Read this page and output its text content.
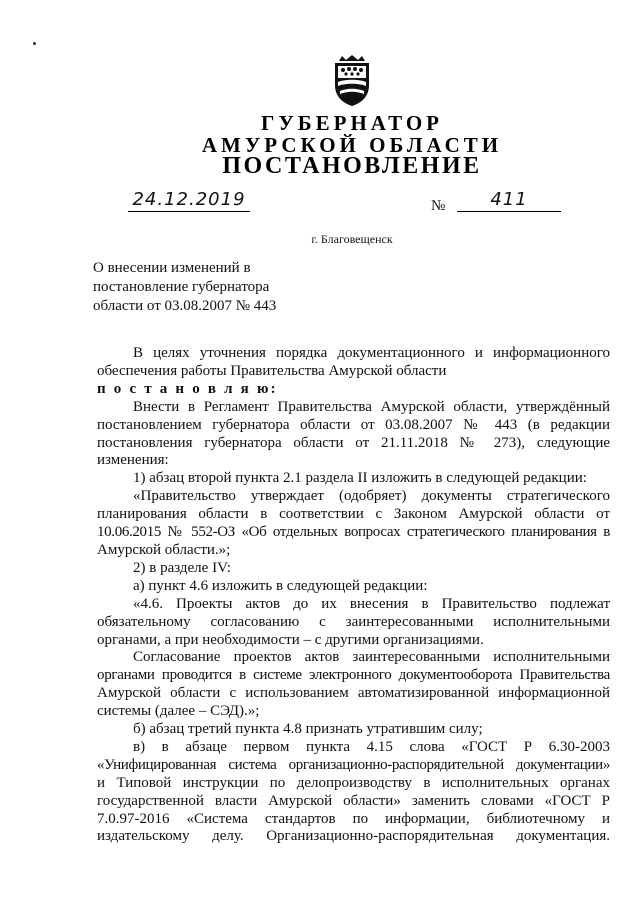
ГУБЕРНАТОР
АМУРСКОЙ ОБЛАСТИ
ПОСТАНОВЛЕНИЕ
24.12.2019	№	411
г. Благовещенск
О внесении изменений в
постановление губернатора
области от 03.08.2007 № 443

В целях уточнения порядка документационного и информационного

обеспечения работы Правительства Амурской области

п о с т а н о в л я ю:

Внести в Регламент Правительства Амурской области, утверждённый

постановлением губернатора области от 03.08.2007 № 443 (в редакции

постановления губернатора области от 21.11.2018 № 273), следующие

изменения:

1) абзац второй пункта 2.1 раздела II изложить в следующей редакции:

«Правительство утверждает (одобряет) документы стратегического

планирования области в соответствии с Законом Амурской области от

10.06.2015 № 552-ОЗ «Об отдельных вопросах стратегического планирования в

Амурской области.»;

2) в разделе IV:

а) пункт 4.6 изложить в следующей редакции:

«4.6. Проекты актов до их внесения в Правительство подлежат

обязательному согласованию с заинтересованными исполнительными

органами, а при необходимости – с другими организациями.

Согласование проектов актов заинтересованными исполнительными

органами проводится в системе электронного документооборота Правительства

Амурской области с использованием автоматизированной информационной

системы (далее – СЭД).»;

б) абзац третий пункта 4.8 признать утратившим силу;

в) в абзаце первом пункта 4.15 слова «ГОСТ Р 6.30-2003

«Унифицированная система организационно-распорядительной документации»

и Типовой инструкции по делопроизводству в исполнительных органах

государственной власти Амурской области» заменить словами «ГОСТ Р

7.0.97-2016 «Система стандартов по информации, библиотечному и

издательскому делу. Организационно-распорядительная документация.
